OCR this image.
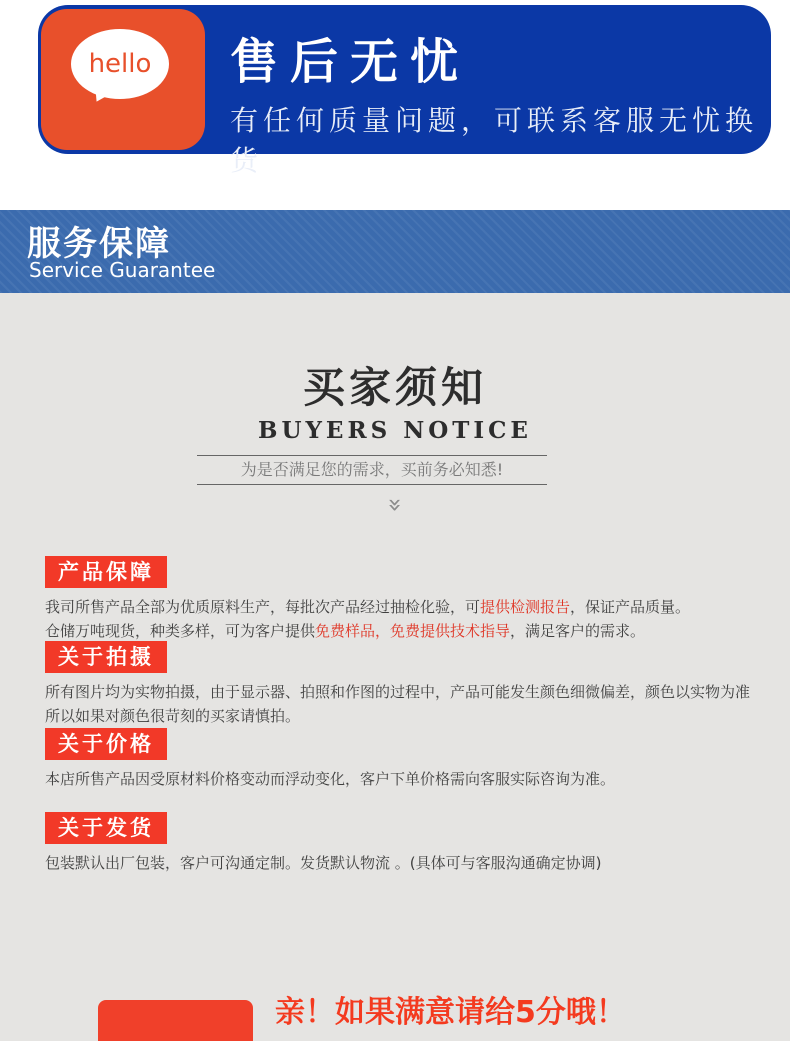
hello 售后无忧
有任何质量问题，可联系客服无忧换货
服务保障
Service Guarantee
买家须知
BUYERS NOTICE
为是否满足您的需求，买前务必知悉!
»
产品保障
我司所售产品全部为优质原料生产，每批次产品经过抽检化验，可提供检测报告，保证产品质量。
仓储万吨现货，种类多样，可为客户提供免费样品，免费提供技术指导，满足客户的需求。
关于拍摄
所有图片均为实物拍摄，由于显示器、拍照和作图的过程中，产品可能发生颜色细微偏差，颜色以实物为准
所以如果对颜色很苛刻的买家请慎拍。
关于价格
本店所售产品因受原材料价格变动而浮动变化，客户下单价格需向客服实际咨询为准。
关于发货
包装默认出厂包装，客户可沟通定制。发货默认物流 。(具体可与客服沟通确定协调)
亲！如果满意请给5分哦！
